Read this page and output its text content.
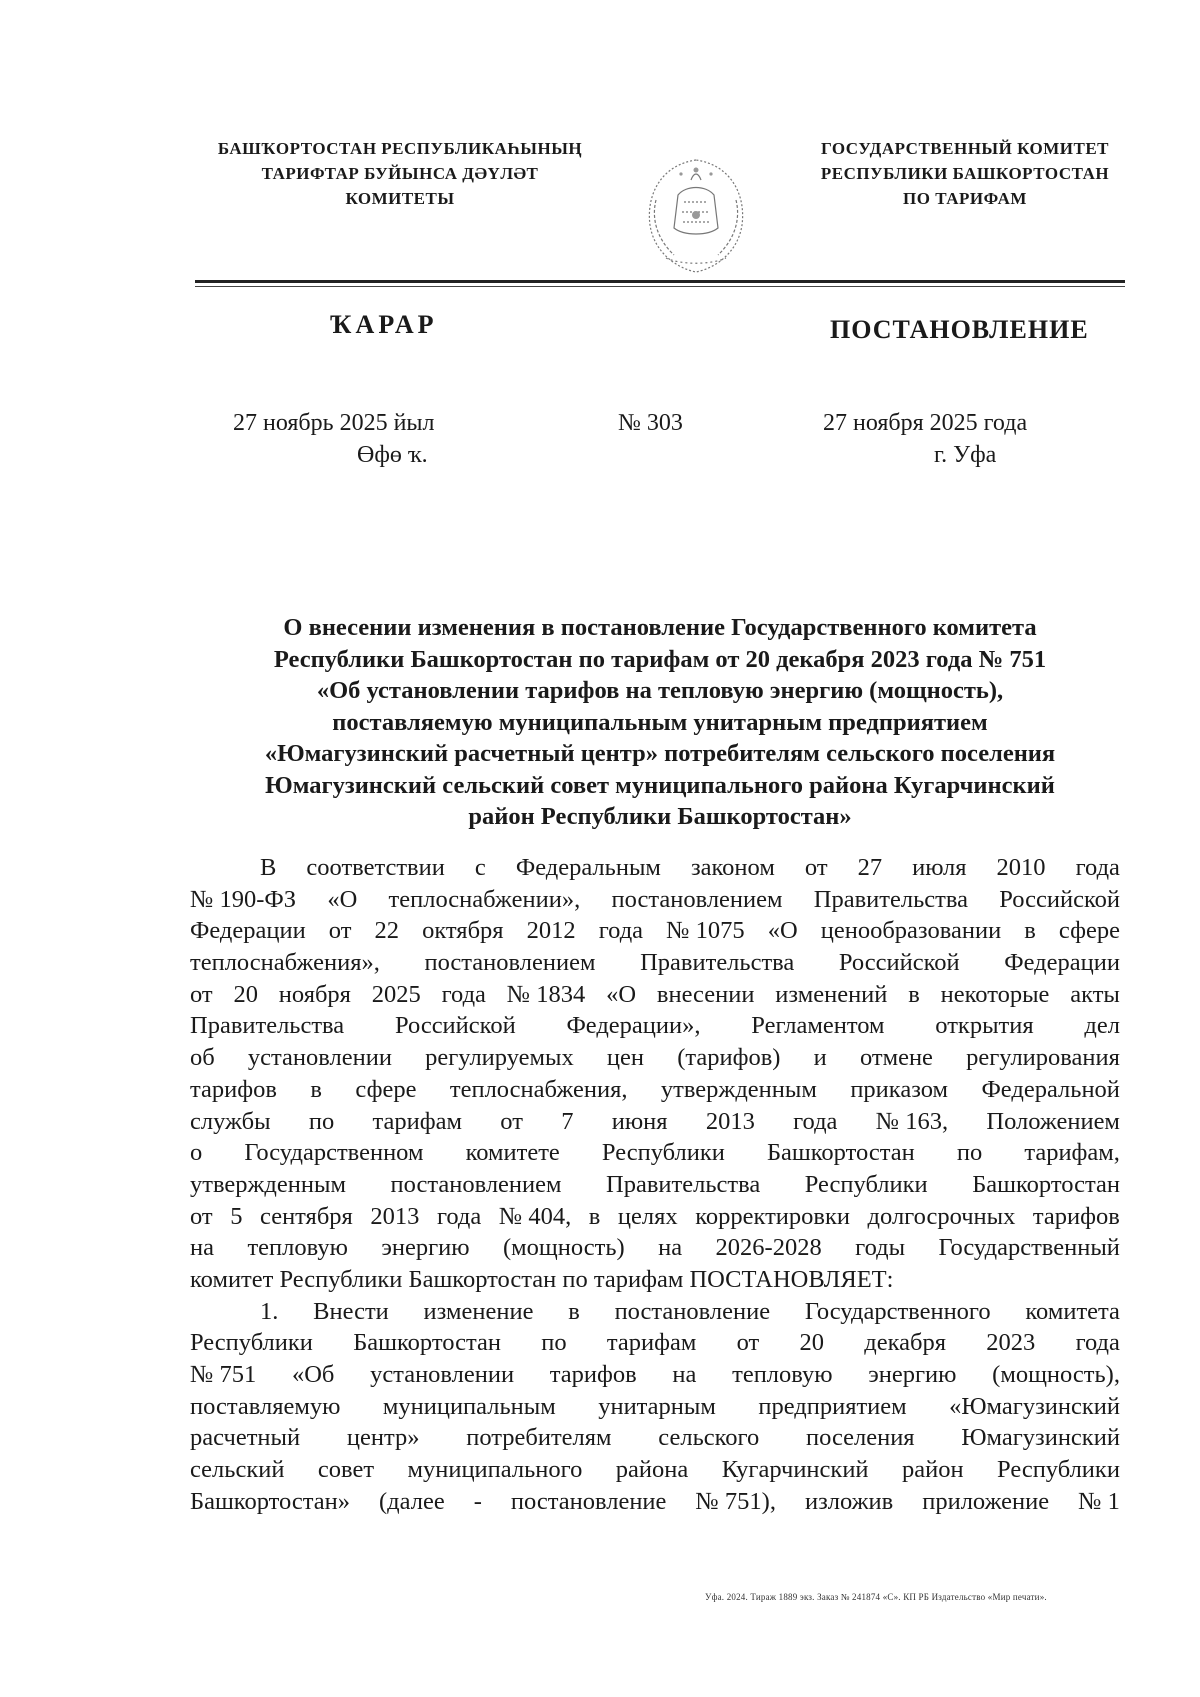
БАШҠОРТОСТАН РЕСПУБЛИКАҺЫНЫҢ
ТАРИФТАР БУЙЫНСА ДӘҮЛӘТ
КОМИТЕТЫ
ГОСУДАРСТВЕННЫЙ КОМИТЕТ
РЕСПУБЛИКИ БАШКОРТОСТАН
ПО ТАРИФАМ
ҠАРАР	ПОСТАНОВЛЕНИЕ
27 ноябрь 2025 йыл
Өфө ҡ.
№ 303	27 ноября 2025 года
г. Уфа
О внесении изменения в постановление Государственного комитета
Республики Башкортостан по тарифам от 20 декабря 2023 года № 751
«Об установлении тарифов на тепловую энергию (мощность),
поставляемую муниципальным унитарным предприятием
«Юмагузинский расчетный центр» потребителям сельского поселения
Юмагузинский сельский совет муниципального района Кугарчинский
район Республики Башкортостан»
В соответствии с Федеральным законом от 27 июля 2010 года
№ 190-ФЗ «О теплоснабжении», постановлением Правительства Российской
Федерации от 22 октября 2012 года № 1075 «О ценообразовании в сфере
теплоснабжения», постановлением Правительства Российской Федерации
от 20 ноября 2025 года № 1834 «О внесении изменений в некоторые акты
Правительства Российской Федерации», Регламентом открытия дел
об установлении регулируемых цен (тарифов) и отмене регулирования
тарифов в сфере теплоснабжения, утвержденным приказом Федеральной
службы по тарифам от 7 июня 2013 года № 163, Положением
о Государственном комитете Республики Башкортостан по тарифам,
утвержденным постановлением Правительства Республики Башкортостан
от 5 сентября 2013 года № 404, в целях корректировки долгосрочных тарифов
на тепловую энергию (мощность) на 2026-2028 годы Государственный
комитет Республики Башкортостан по тарифам ПОСТАНОВЛЯЕТ:
1. Внести изменение в постановление Государственного комитета
Республики Башкортостан по тарифам от 20 декабря 2023 года
№ 751 «Об установлении тарифов на тепловую энергию (мощность),
поставляемую муниципальным унитарным предприятием «Юмагузинский
расчетный центр» потребителям сельского поселения Юмагузинский
сельский совет муниципального района Кугарчинский район Республики
Башкортостан» (далее - постановление № 751), изложив приложение № 1
Уфа. 2024. Тираж 1889 экз. Заказ № 241874 «С». КП РБ Издательство «Мир печати».
